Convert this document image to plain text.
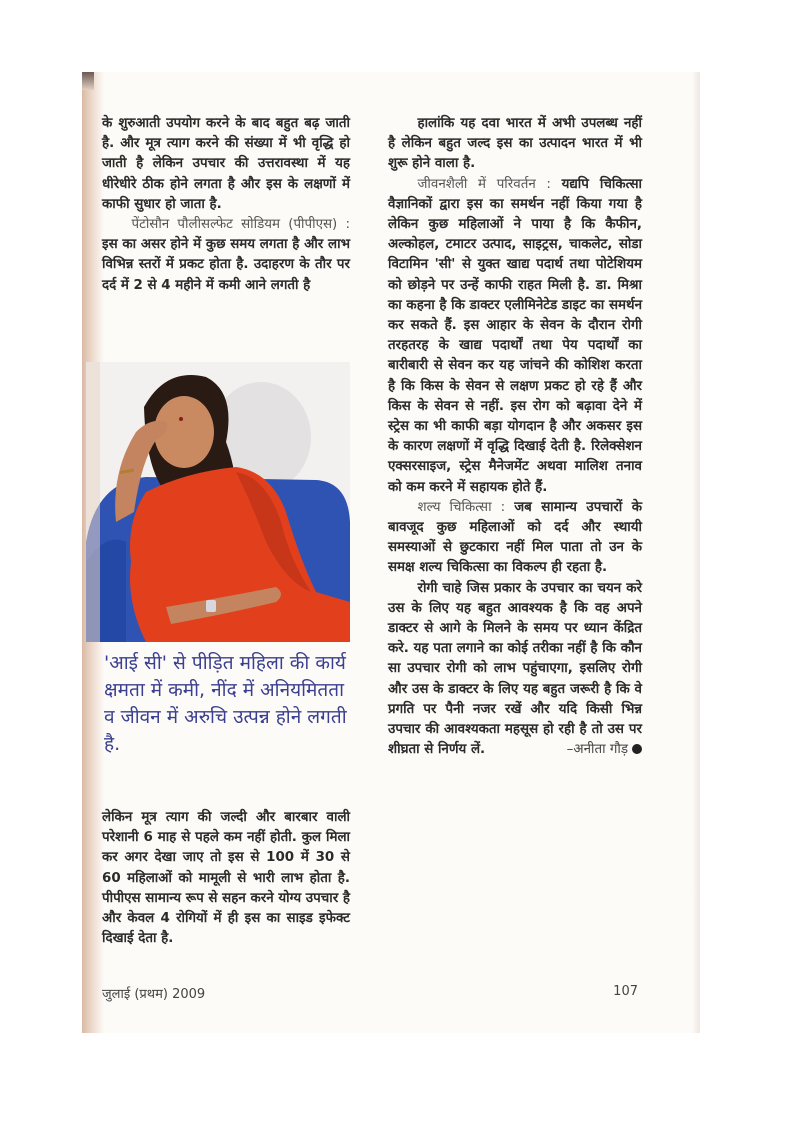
के शुरुआती उपयोग करने के बाद बहुत बढ़ जाती है. और मूत्र त्याग करने की संख्या में भी वृद्धि हो जाती है लेकिन उपचार की उत्तरावस्था में यह धीरेधीरे ठीक होने लगता है और इस के लक्षणों में काफी सुधार हो जाता है.

पेंटोसौन पौलीसल्फेट सोडियम (पीपीएस) : इस का असर होने में कुछ समय लगता है और लाभ विभिन्न स्तरों में प्रकट होता है. उदाहरण के तौर पर दर्द में 2 से 4 महीने में कमी आने लगती है

'आई सी' से पीड़ित महिला की कार्य क्षमता में कमी, नींद में अनियमितता व जीवन में अरुचि उत्पन्न होने लगती है.

लेकिन मूत्र त्याग की जल्दी और बारबार वाली परेशानी 6 माह से पहले कम नहीं होती. कुल मिला कर अगर देखा जाए तो इस से 100 में 30 से 60 महिलाओं को मामूली से भारी लाभ होता है. पीपीएस सामान्य रूप से सहन करने योग्य उपचार है और केवल 4 रोगियों में ही इस का साइड इफेक्ट दिखाई देता है.

हालांकि यह दवा भारत में अभी उपलब्ध नहीं है लेकिन बहुत जल्द इस का उत्पादन भारत में भी शुरू होने वाला है.

जीवनशैली में परिवर्तन : यद्यपि चिकित्सा वैज्ञानिकों द्वारा इस का समर्थन नहीं किया गया है लेकिन कुछ महिलाओं ने पाया है कि कैफीन, अल्कोहल, टमाटर उत्पाद, साइट्रस, चाकलेट, सोडा विटामिन 'सी' से युक्त खाद्य पदार्थ तथा पोटेशियम को छोड़ने पर उन्हें काफी राहत मिली है. डा. मिश्रा का कहना है कि डाक्टर एलीमिनेटेड डाइट का समर्थन कर सकते हैं. इस आहार के सेवन के दौरान रोगी तरहतरह के खाद्य पदार्थों तथा पेय पदार्थों का बारीबारी से सेवन कर यह जांचने की कोशिश करता है कि किस के सेवन से लक्षण प्रकट हो रहे हैं और किस के सेवन से नहीं. इस रोग को बढ़ावा देने में स्ट्रेस का भी काफी बड़ा योगदान है और अकसर इस के कारण लक्षणों में वृद्धि दिखाई देती है. रिलेक्सेशन एक्सरसाइज, स्ट्रेस मैनेजमेंट अथवा मालिश तनाव को कम करने में सहायक होते हैं.

शल्य चिकित्सा : जब सामान्य उपचारों के बावजूद कुछ महिलाओं को दर्द और स्थायी समस्याओं से छुटकारा नहीं मिल पाता तो उन के समक्ष शल्य चिकित्सा का विकल्प ही रहता है.

रोगी चाहे जिस प्रकार के उपचार का चयन करे उस के लिए यह बहुत आवश्यक है कि वह अपने डाक्टर से आगे के मिलने के समय पर ध्यान केंद्रित करे. यह पता लगाने का कोई तरीका नहीं है कि कौन सा उपचार रोगी को लाभ पहुंचाएगा, इसलिए रोगी और उस के डाक्टर के लिए यह बहुत जरूरी है कि वे प्रगति पर पैनी नजर रखें और यदि किसी भिन्न उपचार की आवश्यकता महसूस हो रही है तो उस पर शीघ्रता से निर्णय लें.	–अनीता गौड़

जुलाई (प्रथम) 2009	107
